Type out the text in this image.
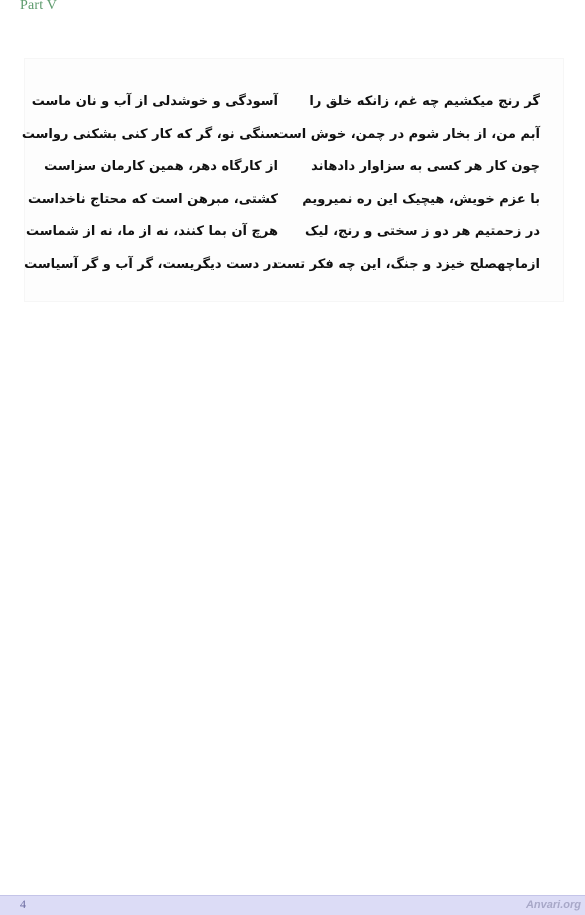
Part V
گر رنج میکشیم چه غم، زانکه خلق را
آبم من، از بخار شوم در چمن، خوش است
چون کار هر کسی به سزاوار دادهاند
با عزم خویش، هیچیک این ره نمیرویم
در زحمتیم هر دو ز سختی و رنج، لیک
ازماچهصلح خیزد و جنگ، این چه فکر تست
آسودگی و خوشدلی از آب و نان ماست
سنگی نو، گر که کار کنی بشکنی رواست
از کارگاه دهر، همین کارمان سزاست
کشتی، مبرهن است که محتاج ناخداست
هرچ آن بما کنند، نه از ما، نه از شماست
در دست دیگریست، گر آب و گر آسیاست
4	Anvari.org
